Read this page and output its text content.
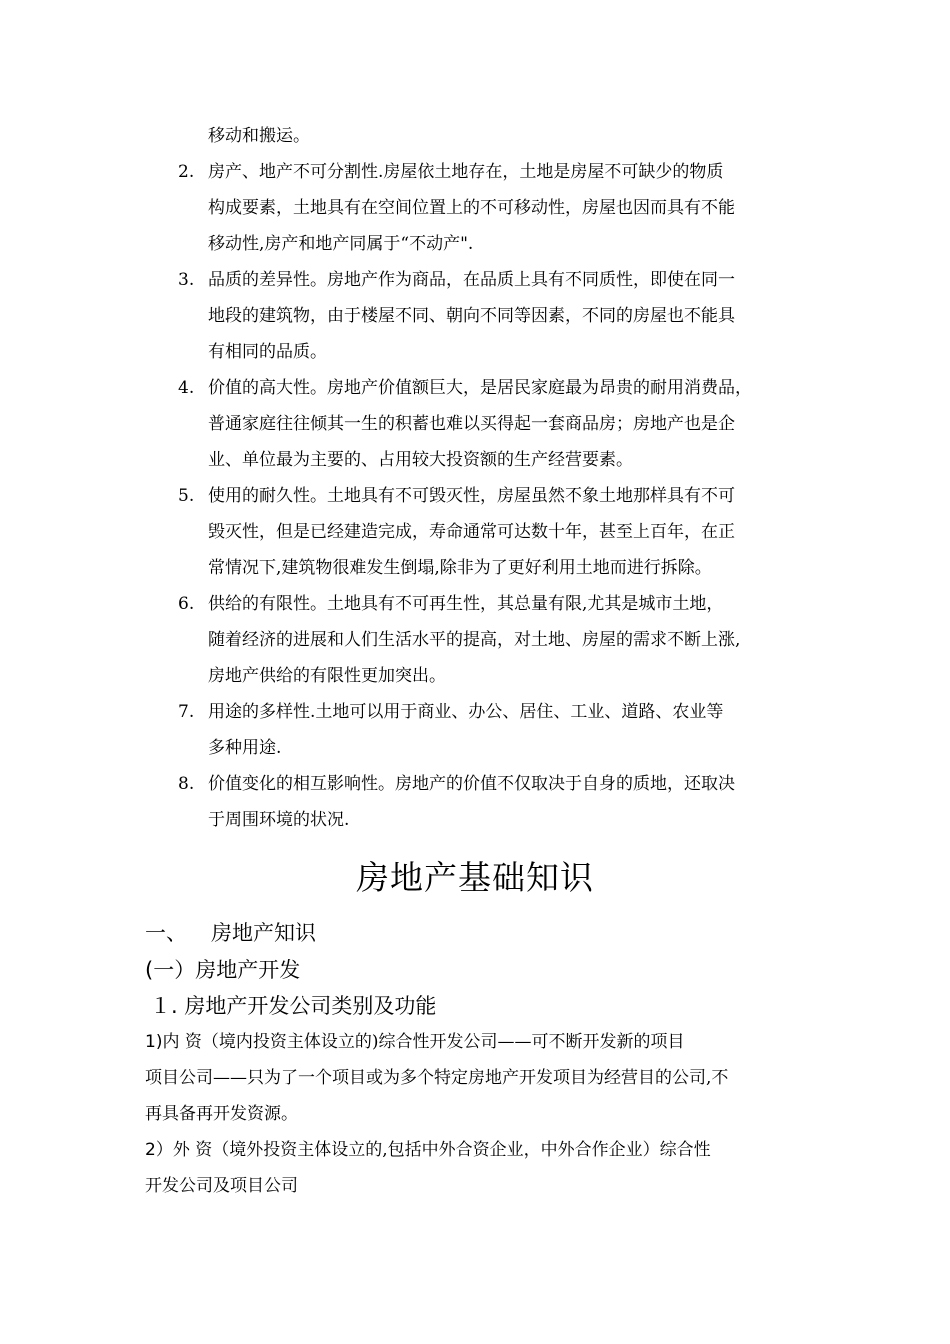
移动和搬运。
2. 房产、地产不可分割性.房屋依土地存在，土地是房屋不可缺少的物质
构成要素，土地具有在空间位置上的不可移动性，房屋也因而具有不能
移动性,房产和地产同属于“不动产".
3. 品质的差异性。房地产作为商品，在品质上具有不同质性，即使在同一
地段的建筑物，由于楼屋不同、朝向不同等因素，不同的房屋也不能具
有相同的品质。
4. 价值的高大性。房地产价值额巨大，是居民家庭最为昂贵的耐用消费品，
普通家庭往往倾其一生的积蓄也难以买得起一套商品房；房地产也是企
业、单位最为主要的、占用较大投资额的生产经营要素。
5. 使用的耐久性。土地具有不可毁灭性，房屋虽然不象土地那样具有不可
毁灭性，但是已经建造完成，寿命通常可达数十年，甚至上百年，在正
常情况下,建筑物很难发生倒塌,除非为了更好利用土地而进行拆除。
6. 供给的有限性。土地具有不可再生性，其总量有限,尤其是城市土地，
随着经济的进展和人们生活水平的提高，对土地、房屋的需求不断上涨,
房地产供给的有限性更加突出。
7. 用途的多样性.土地可以用于商业、办公、居住、工业、道路、农业等
多种用途.
8. 价值变化的相互影响性。房地产的价值不仅取决于自身的质地，还取决
于周围环境的状况.
房地产基础知识
一、 房地产知识
(一）房地产开发
１. 房地产开发公司类别及功能
1)内 资（境内投资主体设立的)综合性开发公司——可不断开发新的项目
项目公司——只为了一个项目或为多个特定房地产开发项目为经营目的公司,不
再具备再开发资源。
2）外 资（境外投资主体设立的,包括中外合资企业，中外合作企业）综合性
开发公司及项目公司
